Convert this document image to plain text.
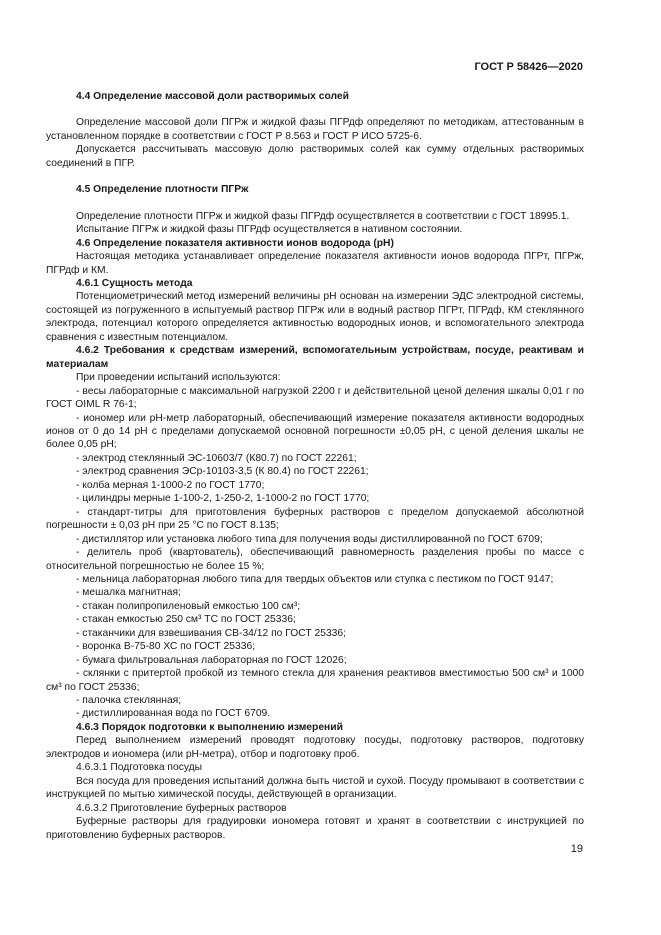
ГОСТ Р 58426—2020

4.4 Определение массовой доли растворимых солей

Определение массовой доли ПГРж и жидкой фазы ПГРдф определяют по методикам, аттестованным в установленном порядке в соответствии с ГОСТ Р 8.563 и ГОСТ Р ИСО 5725-6.

Допускается рассчитывать массовую долю растворимых солей как сумму отдельных растворимых соединений в ПГР.

4.5 Определение плотности ПГРж

Определение плотности ПГРж и жидкой фазы ПГРдф осуществляется в соответствии с ГОСТ 18995.1.

Испытание ПГРж и жидкой фазы ПГРдф осуществляется в нативном состоянии.

4.6 Определение показателя активности ионов водорода (pH)

Настоящая методика устанавливает определение показателя активности ионов водорода ПГРт, ПГРж, ПГРдф и КМ.

4.6.1 Сущность метода

Потенциометрический метод измерений величины pH основан на измерении ЭДС электродной системы, состоящей из погруженного в испытуемый раствор ПГРж или в водный раствор ПГРт, ПГРдф, КМ стеклянного электрода, потенциал которого определяется активностью водородных ионов, и вспомогательного электрода сравнения с известным потенциалом.

4.6.2 Требования к средствам измерений, вспомогательным устройствам, посуде, реактивам и материалам

При проведении испытаний используются:

- весы лабораторные с максимальной нагрузкой 2200 г и действительной ценой деления шкалы 0,01 г по ГОСТ OIML R 76-1;

- иономер или pH-метр лабораторный, обеспечивающий измерение показателя активности водородных ионов от 0 до 14 pH с пределами допускаемой основной погрешности ±0,05 pH, с ценой деления шкалы не более 0,05 pH;

- электрод стеклянный ЭС-10603/7 (К80.7) по ГОСТ 22261;

- электрод сравнения ЭСр-10103-3,5 (К 80.4) по ГОСТ 22261;

- колба мерная 1-1000-2 по ГОСТ 1770;

- цилиндры мерные 1-100-2, 1-250-2, 1-1000-2 по ГОСТ 1770;

- стандарт-титры для приготовления буферных растворов с пределом допускаемой абсолютной погрешности ± 0,03 pH при 25 °С по ГОСТ 8.135;

- дистиллятор или установка любого типа для получения воды дистиллированной по ГОСТ 6709;

- делитель проб (квартователь), обеспечивающий равномерность разделения пробы по массе с относительной погрешностью не более 15 %;

- мельница лабораторная любого типа для твердых объектов или ступка с пестиком по ГОСТ 9147;

- мешалка магнитная;

- стакан полипропиленовый емкостью 100 см³;

- стакан емкостью 250 см³ ТС по ГОСТ 25336;

- стаканчики для взвешивания СВ-34/12 по ГОСТ 25336;

- воронка В-75-80 ХС по ГОСТ 25336;

- бумага фильтровальная лабораторная по ГОСТ 12026;

- склянки с притертой пробкой из темного стекла для хранения реактивов вместимостью 500 см³ и 1000 см³ по ГОСТ 25336;

- палочка стеклянная;

- дистиллированная вода по ГОСТ 6709.

4.6.3 Порядок подготовки к выполнению измерений

Перед выполнением измерений проводят подготовку посуды, подготовку растворов, подготовку электродов и иономера (или pH-метра), отбор и подготовку проб.

4.6.3.1 Подготовка посуды

Вся посуда для проведения испытаний должна быть чистой и сухой. Посуду промывают в соответствии с инструкцией по мытью химической посуды, действующей в организации.

4.6.3.2 Приготовление буферных растворов

Буферные растворы для градуировки иономера готовят и хранят в соответствии с инструкцией по приготовлению буферных растворов.

19
